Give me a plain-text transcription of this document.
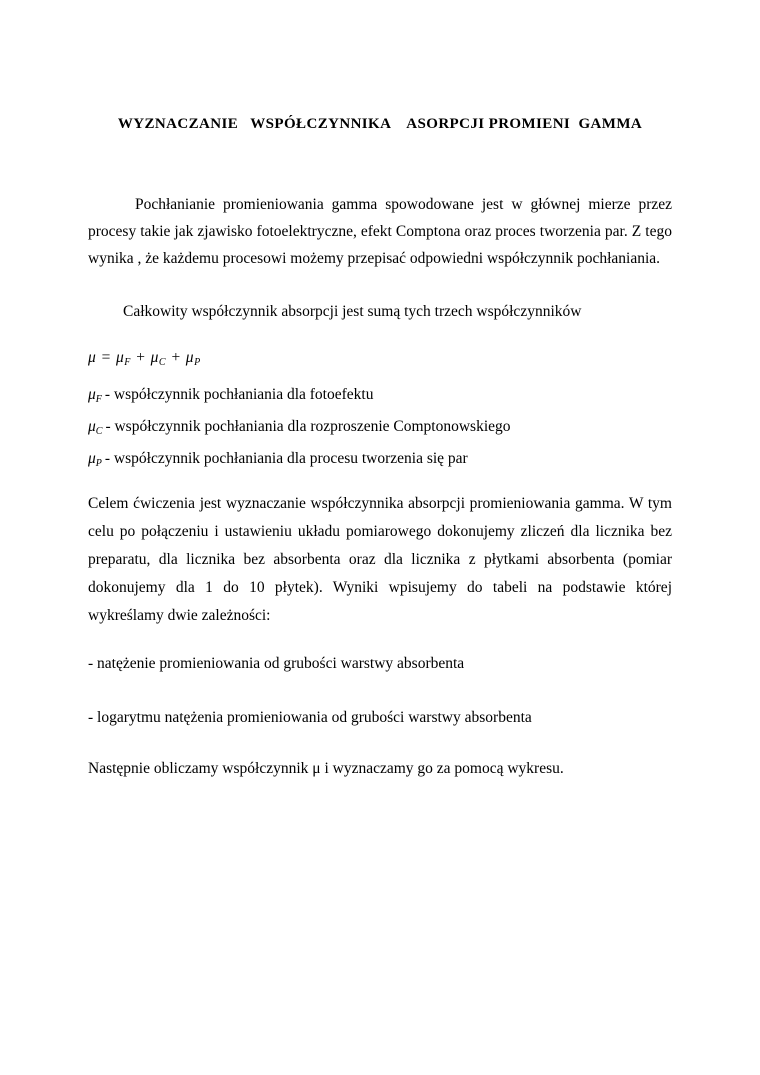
WYZNACZANIE   WSPÓŁCZYNNIKA    ASORPCJI PROMIENI  GAMMA

Pochłanianie promieniowania gamma spowodowane jest w głównej mierze przez procesy takie jak zjawisko fotoelektryczne, efekt Comptona oraz proces tworzenia par. Z tego wynika , że każdemu procesowi możemy przepisać odpowiedni współczynnik pochłaniania.

Całkowity współczynnik absorpcji jest sumą tych trzech współczynników

$\mu = \mu_F + \mu_C + \mu_P$
$\mu_F$ - współczynnik pochłaniania dla fotoefektu
$\mu_C$ - współczynnik pochłaniania dla rozproszenie Comptonowskiego
$\mu_P$ - współczynnik pochłaniania dla procesu tworzenia się par

Celem ćwiczenia jest wyznaczanie współczynnika absorpcji promieniowania gamma. W tym celu po połączeniu i ustawieniu układu pomiarowego dokonujemy zliczeń dla licznika bez preparatu, dla licznika bez absorbenta oraz dla licznika z płytkami absorbenta (pomiar dokonujemy dla 1 do 10 płytek). Wyniki wpisujemy do tabeli na podstawie której wykreślamy dwie zależności:

- natężenie promieniowania od grubości warstwy absorbenta

- logarytmu natężenia promieniowania od grubości warstwy absorbenta

Następnie obliczamy współczynnik μ i wyznaczamy go za pomocą wykresu.
